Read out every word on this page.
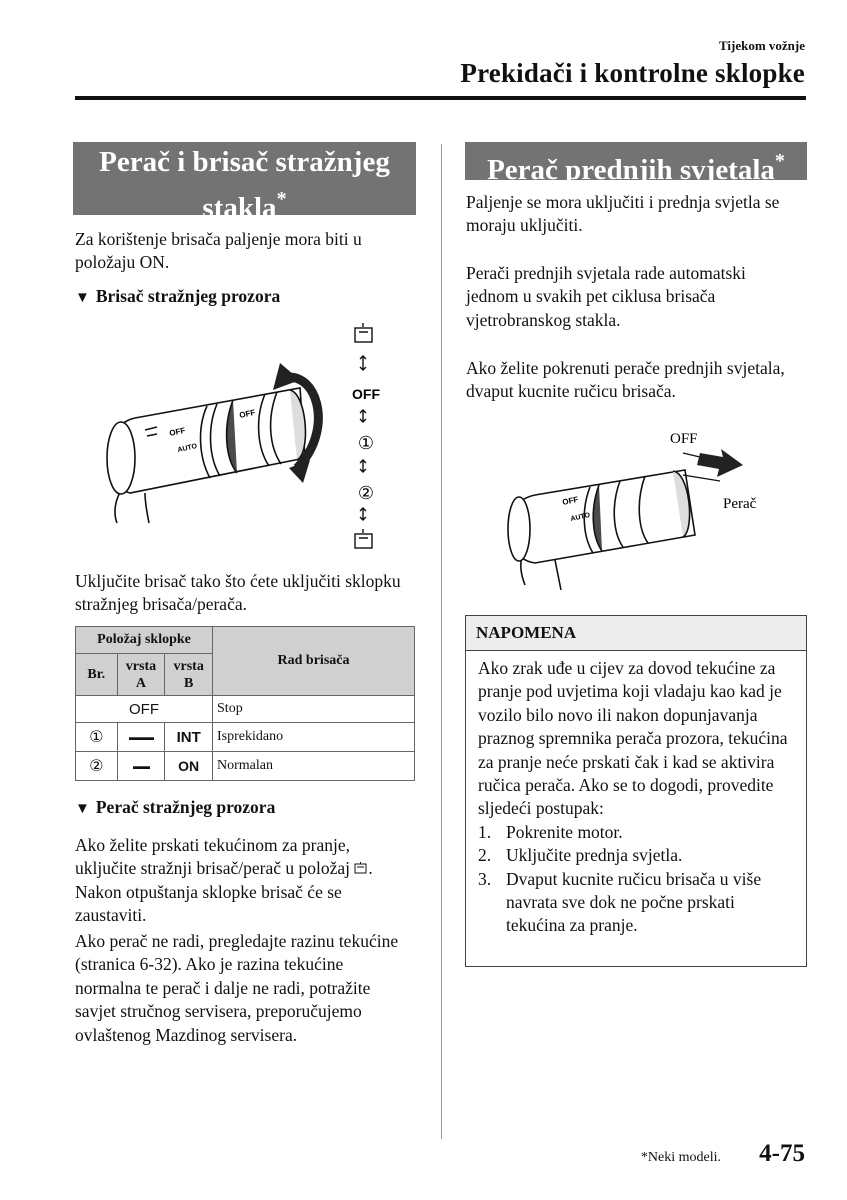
Tijekom vožnje
Prekidači i kontrolne sklopke
Perač i brisač stražnjeg
stakla*
Za korištenje brisača paljenje mora biti u položaju ON.
▼ Brisač stražnjeg prozora
OFF
AUTO
OFF
OFF
①
②
Uključite brisač tako što ćete uključiti sklopku stražnjeg brisača/perača.
Položaj sklopke			Rad brisača
Br.	vrsta A	vrsta B	
OFF			Stop
①	▬▬▬	INT	Isprekidano
②	▬▬	ON	Normalan
▼ Perač stražnjeg prozora
Ako želite prskati tekućinom za pranje, uključite stražnji brisač/perač u položaj . Nakon otpuštanja sklopke brisač će se zaustaviti.
Ako perač ne radi, pregledajte razinu tekućine (stranica 6-32). Ako je razina tekućine normalna te perač i dalje ne radi, potražite savjet stručnog servisera, preporučujemo ovlaštenog Mazdinog servisera.
Perač prednjih svjetala*
Paljenje se mora uključiti i prednja svjetla se moraju uključiti.
Perači prednjih svjetala rade automatski jednom u svakih pet ciklusa brisača vjetrobranskog stakla.
Ako želite pokrenuti perače prednjih svjetala, dvaput kucnite ručicu brisača.
OFF
AUTO
OFF
Perač
NAPOMENA
Ako zrak uđe u cijev za dovod tekućine za pranje pod uvjetima koji vladaju kao kad je vozilo bilo novo ili nakon dopunjavanja praznog spremnika perača prozora, tekućina za pranje neće prskati čak i kad se aktivira ručica perača. Ako se to dogodi, provedite sljedeći postupak:
1. Pokrenite motor.
2. Uključite prednja svjetla.
3. Dvaput kucnite ručicu brisača u više navrata sve dok ne počne prskati tekućina za pranje.
*Neki modeli. 4-75
